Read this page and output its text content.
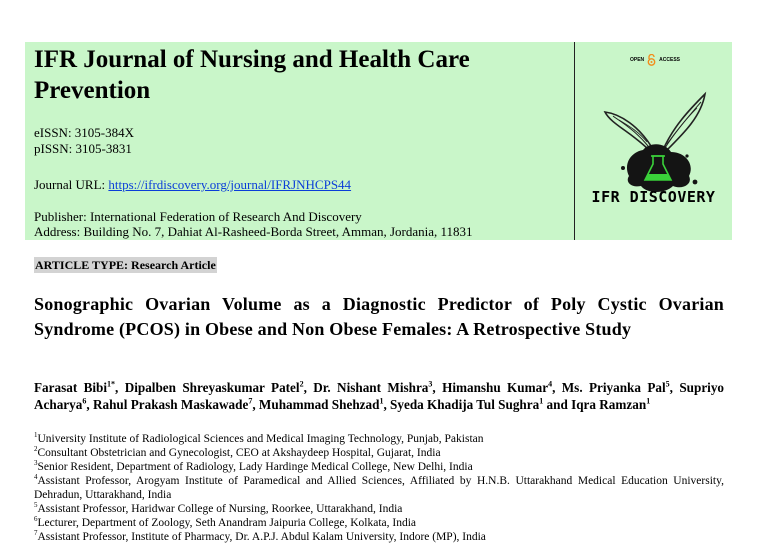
IFR Journal of Nursing and Health Care Prevention
eISSN: 3105-384X
pISSN: 3105-3831
Journal URL: https://ifrdiscovery.org/journal/IFRJNHCPS44
Publisher: International Federation of Research And Discovery
Address: Building No. 7, Dahiat Al-Rasheed-Borda Street, Amman, Jordania, 11831
OPEN	ACCESS
IFR DISCOVERY
ARTICLE TYPE: Research Article
Sonographic Ovarian Volume as a Diagnostic Predictor of Poly Cystic Ovarian Syndrome (PCOS) in Obese and Non Obese Females: A Retrospective Study
Farasat Bibi$^{1*}$, Dipalben Shreyaskumar Patel$^2$, Dr. Nishant Mishra$^3$, Himanshu Kumar$^4$, Ms. Priyanka Pal$^5$, Supriyo Acharya$^6$, Rahul Prakash Maskawade$^7$, Muhammad Shehzad$^1$, Syeda Khadija Tul Sughra$^1$ and Iqra Ramzan$^1$
$^1$University Institute of Radiological Sciences and Medical Imaging Technology, Punjab, Pakistan
$^2$Consultant Obstetrician and Gynecologist, CEO at Akshaydeep Hospital, Gujarat, India
$^3$Senior Resident, Department of Radiology, Lady Hardinge Medical College, New Delhi, India
$^4$Assistant Professor, Arogyam Institute of Paramedical and Allied Sciences, Affiliated by H.N.B. Uttarakhand Medical Education University, Dehradun, Uttarakhand, India
$^5$Assistant Professor, Haridwar College of Nursing, Roorkee, Uttarakhand, India
$^6$Lecturer, Department of Zoology, Seth Anandram Jaipuria College, Kolkata, India
$^7$Assistant Professor, Institute of Pharmacy, Dr. A.P.J. Abdul Kalam University, Indore (MP), India
